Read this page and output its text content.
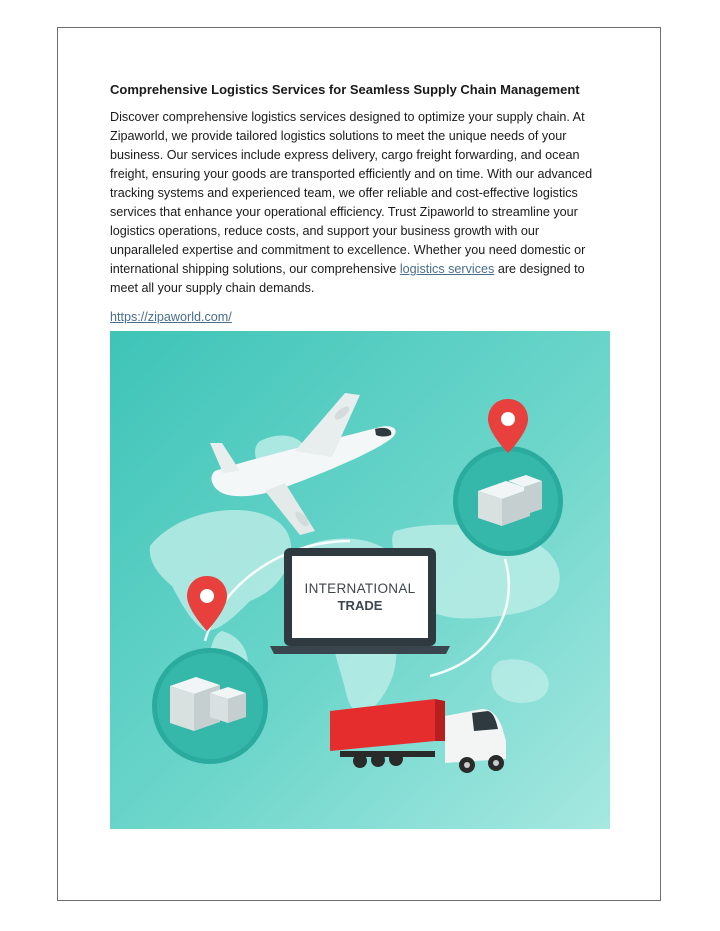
Comprehensive Logistics Services for Seamless Supply Chain Management

Discover comprehensive logistics services designed to optimize your supply chain. At Zipaworld, we provide tailored logistics solutions to meet the unique needs of your business. Our services include express delivery, cargo freight forwarding, and ocean freight, ensuring your goods are transported efficiently and on time. With our advanced tracking systems and experienced team, we offer reliable and cost-effective logistics services that enhance your operational efficiency. Trust Zipaworld to streamline your logistics operations, reduce costs, and support your business growth with our unparalleled expertise and commitment to excellence. Whether you need domestic or international shipping solutions, our comprehensive logistics services are designed to meet all your supply chain demands.

https://zipaworld.com/
INTERNATIONAL
TRADE
